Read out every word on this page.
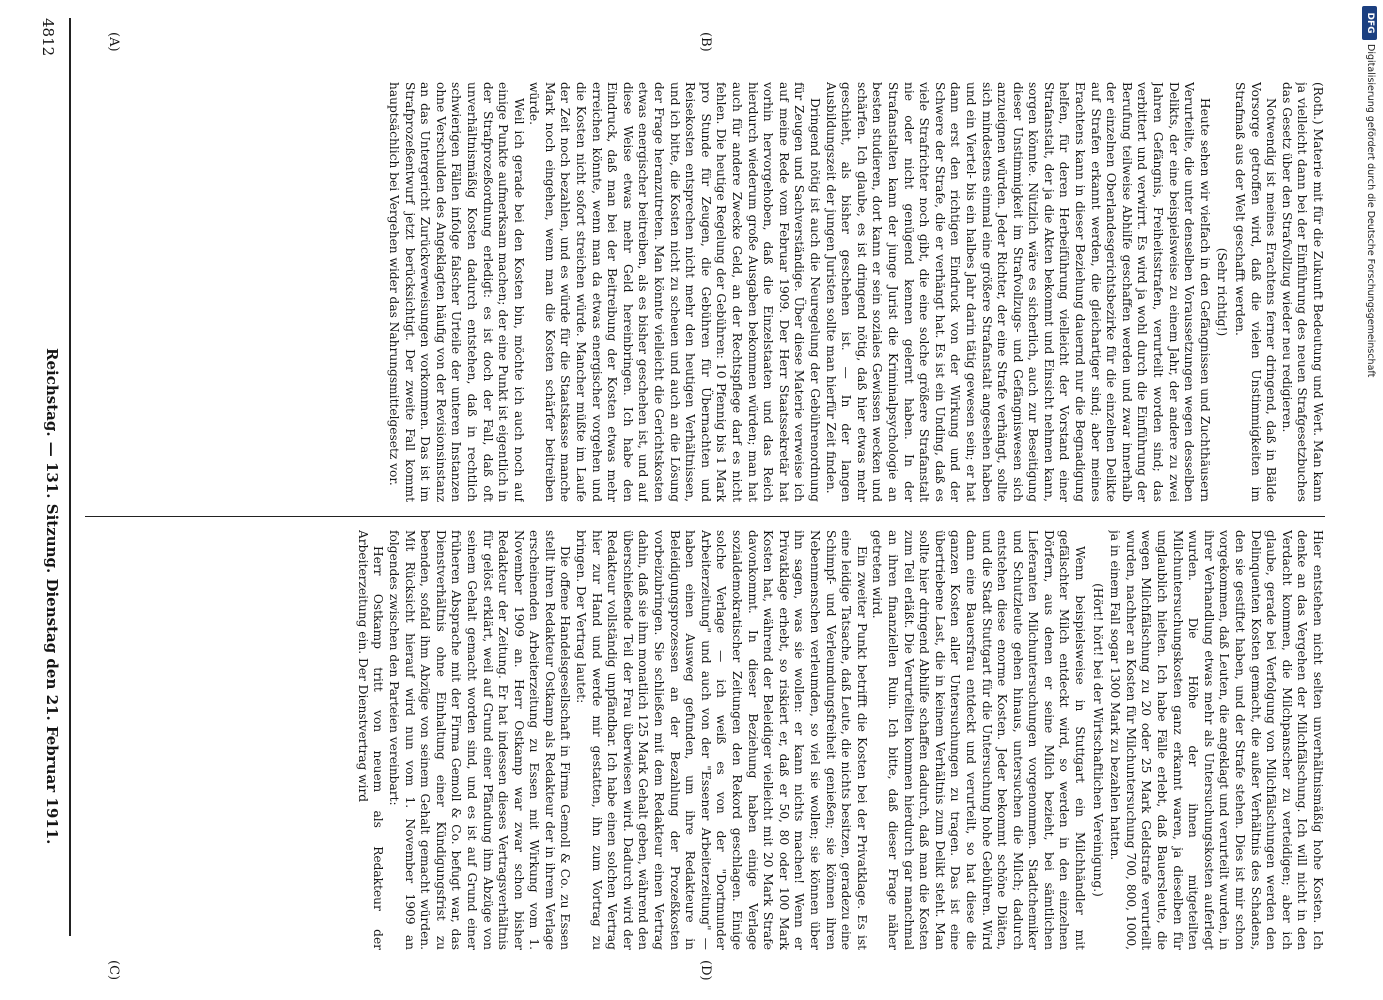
4812
Reichstag. — 131. Sitzung. Dienstag den 21. Februar 1911.
(A)	(B)
(C)	(D)

(Roth.) Materie mit für die Zukunft Bedeutung und Wert. Man kann ja vielleicht dann bei der Einführung des neuen Strafgesetzbuches das Gesetz über den Strafvollzug wieder neu redigieren.

Notwendig ist meines Erachtens ferner dringend, daß in Bälde Vorsorge getroffen wird, daß die vielen Unstimmigkeiten im Strafmaß aus der Welt geschafft werden.

(Sehr richtig!)

Heute sehen wir vielfach in den Gefängnissen und Zuchthäusern Verurteilte, die unter denselben Voraussetzungen wegen desselben Delikts, der eine beispielsweise zu einem Jahr, der andere zu zwei Jahren Gefängnis, Freiheitsstrafen, verurteilt worden sind; das verbittert und verwirrt. Es wird ja wohl durch die Einführung der Berufung teilweise Abhilfe geschaffen werden und zwar innerhalb der einzelnen Oberlandesgerichtsbezirke für die einzelnen Delikte auf Strafen erkannt werden, die gleichartiger sind; aber meines Erachtens kann in dieser Beziehung dauernd nur die Begnadigung helfen, für deren Herbeiführung vielleicht der Vorstand einer Strafanstalt, der ja die Akten bekommt und Einsicht nehmen kann, sorgen könnte. Nützlich wäre es sicherlich, auch zur Beseitigung dieser Unstimmigkeit im Strafvollzugs- und Gefängniswesen sich anzueignen würden. Jeder Richter, der eine Strafe verhängt, sollte sich mindestens einmal eine größere Strafanstalt angesehen haben und ein Viertel- bis ein halbes Jahr darin tätig gewesen sein; er hat dann erst den richtigen Eindruck von der Wirkung und der Schwere der Strafe, die er verhängt hat. Es ist ein Unding, daß es viele Strafrichter noch gibt, die eine solche größere Strafanstalt nie oder nicht genügend kennen gelernt haben. In der Strafanstalten kann der junge Jurist die Kriminalpsychologie an besten studieren, dort kann er sein soziales Gewissen wecken und schärfen. Ich glaube, es ist dringend nötig, daß hier etwas mehr geschieht, als bisher geschehen ist. — In der langen Ausbildungszeit der jungen Juristen sollte man hierfür Zeit finden.

Dringend nötig ist auch die Neuregelung der Gebührenordnung für Zeugen und Sachverständige. Über diese Materie verweise ich auf meine Rede vom Februar 1909. Der Herr Staatssekretär hat vorhin hervorgehoben, daß die Einzelstaaten und das Reich hierdurch wiederum große Ausgaben bekommen würden; man hat auch für andere Zwecke Geld, an der Rechtspflege darf es nicht fehlen. Die heutige Regelung der Gebühren: 10 Pfennig bis 1 Mark pro Stunde für Zeugen, die Gebühren für Übernachten und Reisekosten entsprechen nicht mehr den heutigen Verhältnissen, und ich bitte, die Kosten nicht zu scheuen und auch an die Lösung der Frage heranzutreten. Man könnte vielleicht die Gerichtskosten etwas energischer beitreiben, als es bisher geschehen ist, und auf diese Weise etwas mehr Geld hereinbringen. Ich habe den Eindruck, daß man bei der Beitreibung der Kosten etwas mehr erreichen könnte, wenn man da etwas energischer vorgehen und die Kosten nicht sofort streichen würde. Mancher müßte im Laufe der Zeit noch bezahlen, und es würde für die Staatskasse manche Mark noch eingehen, wenn man die Kosten schärfer beitreiben würde.

Weil ich gerade bei den Kosten bin, möchte ich auch noch auf einige Punkte aufmerksam machen; der eine Punkt ist eigentlich in der Strafprozeßordnung erledigt: es ist doch der Fall, daß oft unverhältnismäßig Kosten dadurch entstehen, daß in rechtlich schwierigen Fällen infolge falscher Urteile der unteren Instanzen ohne Verschulden des Angeklagten häufig von der Revisionsinstanz an das Untergericht Zurückverweisungen vorkommen. Das ist im Strafprozeßentwurf jetzt berücksichtigt. Der zweite Fall kommt hauptsächlich bei Vergehen wider das Nahrungsmittelgesetz vor.

Hier entstehen nicht selten unverhältnismäßig hohe Kosten. Ich denke an das Vergehen der Milchfälschung. Ich will nicht in den Verdacht kommen, die Milchpanscher zu verteidigen; aber ich glaube, gerade bei Verfolgung von Milchfälschungen werden den Delinquenten Kosten gemacht, die außer Verhältnis des Schadens, den sie gestiftet haben, und der Strafe stehen. Dies ist mir schon vorgekommen, daß Leuten, die angeklagt und verurteilt wurden, in ihrer Verhandlung etwas mehr als Untersuchungskosten auferlegt wurden. Die Höhe der ihnen mitgeteilten Milchuntersuchungskosten ganz erkannt waren, ja dieselben für unglaublich hielten. Ich habe Fälle erlebt, daß Bauersleute, die wegen Milchfälschung zu 20 oder 25 Mark Geldstrafe verurteilt wurden, nachher an Kosten für Milchuntersuchung 700, 800, 1000, ja in einem Fall sogar 1300 Mark zu bezahlen hatten.

(Hört! hört! bei der Wirtschaftlichen Vereinigung.)

Wenn beispielsweise in Stuttgart ein Milchhändler mit gefälschter Milch entdeckt wird, so werden in den einzelnen Dörfern, aus denen er seine Milch bezieht, bei sämtlichen Lieferanten Milchuntersuchungen vorgenommen. Stadtchemiker und Schutzleute gehen hinaus, untersuchen die Milch; dadurch entstehen diese enorme Kosten. Jeder bekommt schöne Diäten, und die Stadt Stuttgart für die Untersuchung hohe Gebühren. Wird dann eine Bauersfrau entdeckt und verurteilt, so hat diese die ganzen Kosten aller Untersuchungen zu tragen. Das ist eine übertriebene Last, die in keinem Verhältnis zum Delikt steht. Man sollte hier dringend Abhilfe schaffen dadurch, daß man die Kosten zum Teil erläßt. Die Verurteilten kommen hierdurch gar manchmal an ihren finanziellen Ruin. Ich bitte, daß dieser Frage näher getreten wird.

Ein zweiter Punkt betrifft die Kosten bei der Privatklage. Es ist eine leidige Tatsache, daß Leute, die nichts besitzen, geradezu eine Schimpf- und Verleumdungsfreiheit genießen; sie können ihren Nebenmenschen verleumden, so viel sie wollen; sie können über ihn sagen, was sie wollen: er kann nichts machen! Wenn er Privatklage erhebt, so riskiert er, daß er 50, 80 oder 100 Mark Kosten hat, während der Beleidiger vielleicht mit 20 Mark Strafe davonkommt. In dieser Beziehung haben einige Verlage sozialdemokratischer Zeitungen den Rekord geschlagen. Einige solche Verlage — ich weiß es von der "Dortmunder Arbeiterzeitung" und auch von der "Essener Arbeiterzeitung" — haben einen Ausweg gefunden, um ihre Redakteure in Beleidigungsprozessen an der Bezahlung der Prozeßkosten vorbeizubringen. Sie schließen mit dem Redakteur einen Vertrag dahin, daß sie ihm monatlich 125 Mark Gehalt geben, während den überschießende Teil der Frau überwiesen wird. Dadurch wird der Redakteur vollständig unpfändbar. Ich habe einen solchen Vertrag hier zur Hand und werde mir gestatten, ihn zum Vortrag zu bringen. Der Vertrag lautet:

Die offene Handelsgesellschaft in Firma Gemoll & Co. zu Essen stellt ihren Redakteur Ostkamp als Redakteur der in ihrem Verlage erscheinenden Arbeiterzeitung zu Essen mit Wirkung vom 1. November 1909 an. Herr Ostkamp war zwar schon bisher Redakteur der Zeitung. Er hat indessen dieses Vertragsverhältnis für gelöst erklärt, weil auf Grund einer Pfändung ihm Abzüge von seinem Gehalt gemacht worden sind, und es ist auf Grund einer früheren Absprache mit der Firma Gemoll & Co. befugt war, das Dienstverhältnis ohne Einhaltung einer Kündigungsfrist zu beenden, sofald ihm Abzüge von seinem Gehalt gemacht würden. Mit Rücksicht hierauf wird nun vom 1. November 1909 an folgendes zwischen den Parteien vereinbart:

Herr Ostkamp tritt von neuem als Redakteur der Arbeiterzeitung ein. Der Dienstvertrag wird

DFG
Digitalisierung gefördert durch die Deutsche Forschungsgemeinschaft
